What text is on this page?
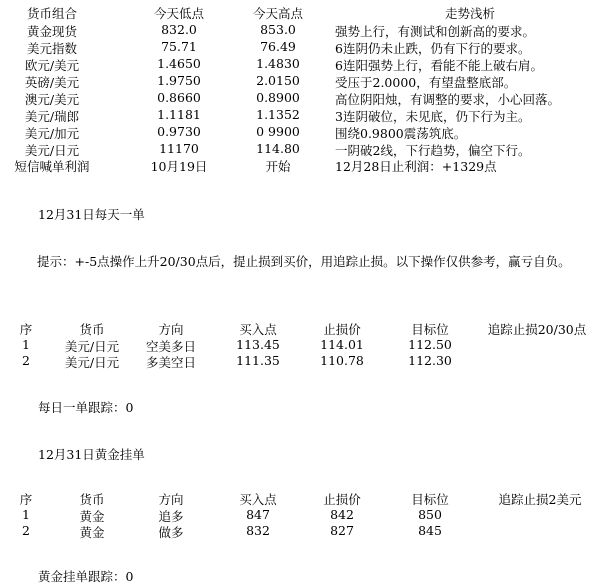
货币组合	今天低点	今天高点	走势浅析
黄金现货	832.0	853.0	强势上行，有测试和创新高的要求。
美元指数	75.71	76.49	6连阴仍未止跌，仍有下行的要求。
欧元/美元	1.4650	1.4830	6连阳强势上行，看能不能上破右肩。
英磅/美元	1.9750	2.0150	受压于2.0000，有望盘整底部。
澳元/美元	0.8660	0.8900	高位阴阳烛，有调整的要求，小心回落。
美元/瑞郎	1.1181	1.1352	3连阴破位，未见底，仍下行为主。
美元/加元	0.9730	0 9900	围绕0.9800震荡筑底。
美元/日元	11170	114.80	一阴破2线，下行趋势，偏空下行。
短信喊单利润	10月19日	开始	12月28日止利润：+1329点
12月31日每天一单
提示：+-5点操作上升20/30点后，提止损到买价，用追踪止损。以下操作仅供参考，赢亏自负。
序	货币	方向	买入点	止损价	目标位	追踪止损20/30点
1	美元/日元	空美多日	113.45	114.01	112.50
2	美元/日元	多美空日	111.35	110.78	112.30
每日一单跟踪：0
12月31日黄金挂单
序	货币	方向	买入点	止损价	目标位	追踪止损2美元
1	黄金	追多	847	842	850
2	黄金	做多	832	827	845
黄金挂单跟踪：0
